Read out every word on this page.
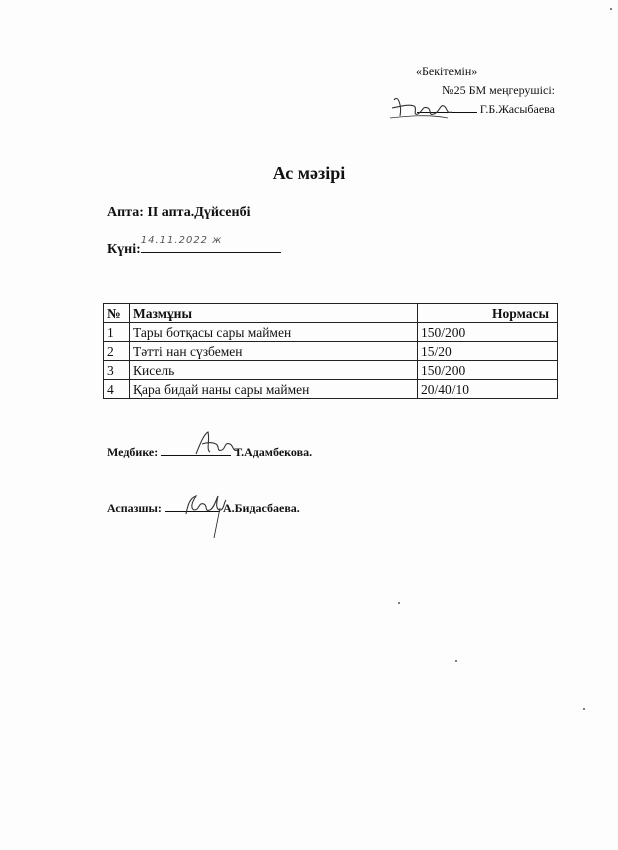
«Бекітемін»
№25 БМ меңгерушісі:
Г.Б.Жасыбаева
Ас мәзірі
Апта: II апта.Дүйсенбі
Күні:
14.11.2022 ж
№	Мазмұны	Нормасы
1	Тары ботқасы сары маймен	150/200
2	Тәтті нан сүзбемен	15/20
3	Кисель	150/200
4	Қара бидай наны сары маймен	20/40/10
Медбике:	Т.Адамбекова.
Аспазшы:	А.Бидасбаева.
